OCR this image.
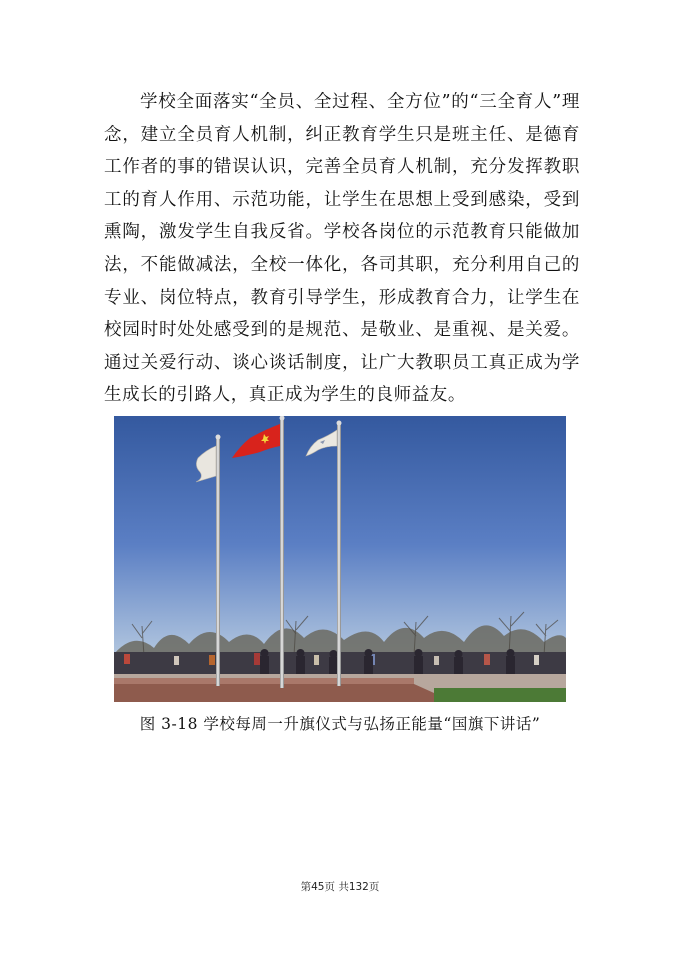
学校全面落实“全员、全过程、全方位”的“三全育人”理念，建立全员育人机制，纠正教育学生只是班主任、是德育工作者的事的错误认识，完善全员育人机制，充分发挥教职工的育人作用、示范功能，让学生在思想上受到感染，受到熏陶，激发学生自我反省。学校各岗位的示范教育只能做加法，不能做减法，全校一体化，各司其职，充分利用自己的专业、岗位特点，教育引导学生，形成教育合力，让学生在校园时时处处感受到的是规范、是敬业、是重视、是关爱。通过关爱行动、谈心谈话制度，让广大教职员工真正成为学生成长的引路人，真正成为学生的良师益友。

图 3-18 学校每周一升旗仪式与弘扬正能量“国旗下讲话”

第45页 共132页
